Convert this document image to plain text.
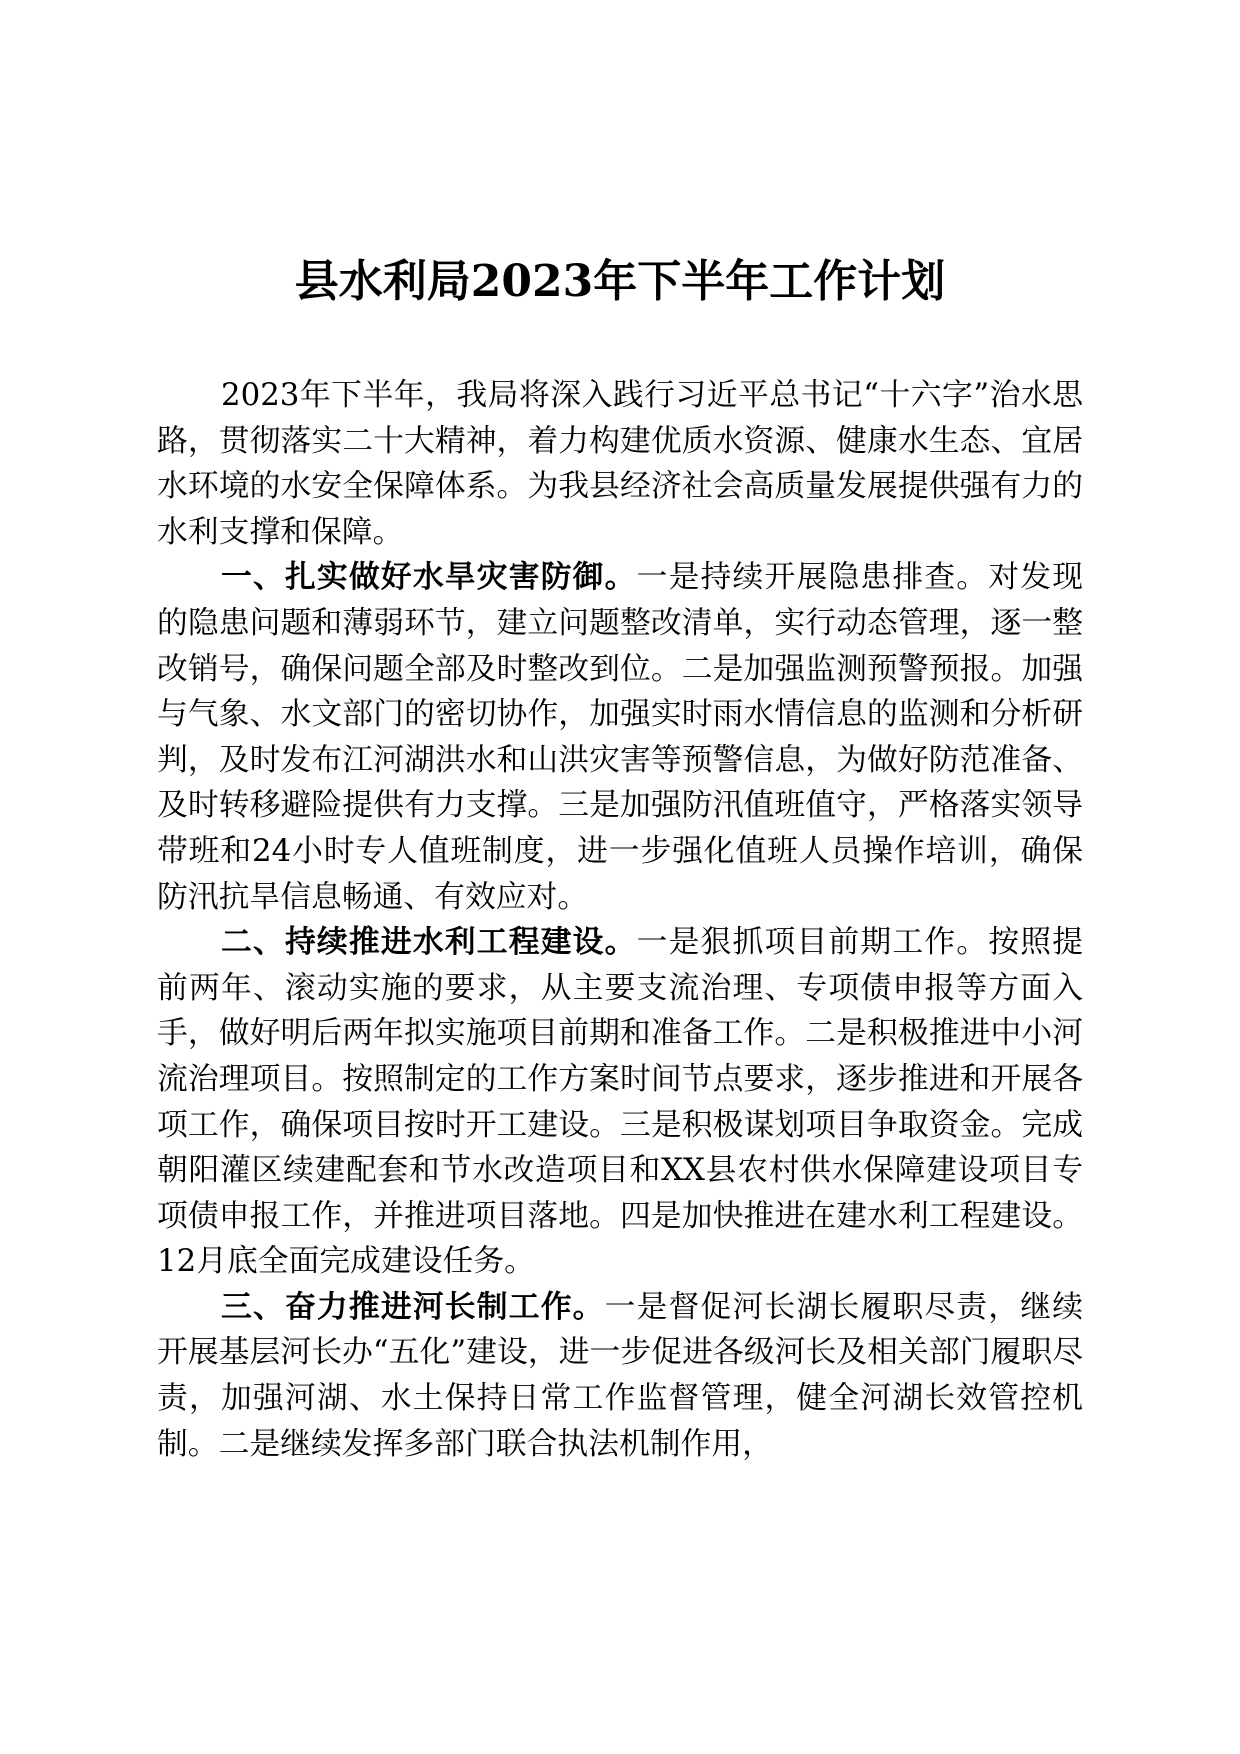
县水利局2023年下半年工作计划

2023年下半年，我局将深入践行习近平总书记“十六字”治水思路，贯彻落实二十大精神，着力构建优质水资源、健康水生态、宜居水环境的水安全保障体系。为我县经济社会高质量发展提供强有力的水利支撑和保障。

一、扎实做好水旱灾害防御。一是持续开展隐患排查。对发现的隐患问题和薄弱环节，建立问题整改清单，实行动态管理，逐一整改销号，确保问题全部及时整改到位。二是加强监测预警预报。加强与气象、水文部门的密切协作，加强实时雨水情信息的监测和分析研判，及时发布江河湖洪水和山洪灾害等预警信息，为做好防范准备、及时转移避险提供有力支撑。三是加强防汛值班值守，严格落实领导带班和24小时专人值班制度，进一步强化值班人员操作培训，确保防汛抗旱信息畅通、有效应对。

二、持续推进水利工程建设。一是狠抓项目前期工作。按照提前两年、滚动实施的要求，从主要支流治理、专项债申报等方面入手，做好明后两年拟实施项目前期和准备工作。二是积极推进中小河流治理项目。按照制定的工作方案时间节点要求，逐步推进和开展各项工作，确保项目按时开工建设。三是积极谋划项目争取资金。完成朝阳灌区续建配套和节水改造项目和XX县农村供水保障建设项目专项债申报工作，并推进项目落地。四是加快推进在建水利工程建设。12月底全面完成建设任务。

三、奋力推进河长制工作。一是督促河长湖长履职尽责，继续开展基层河长办“五化”建设，进一步促进各级河长及相关部门履职尽责，加强河湖、水土保持日常工作监督管理，健全河湖长效管控机制。二是继续发挥多部门联合执法机制作用，
